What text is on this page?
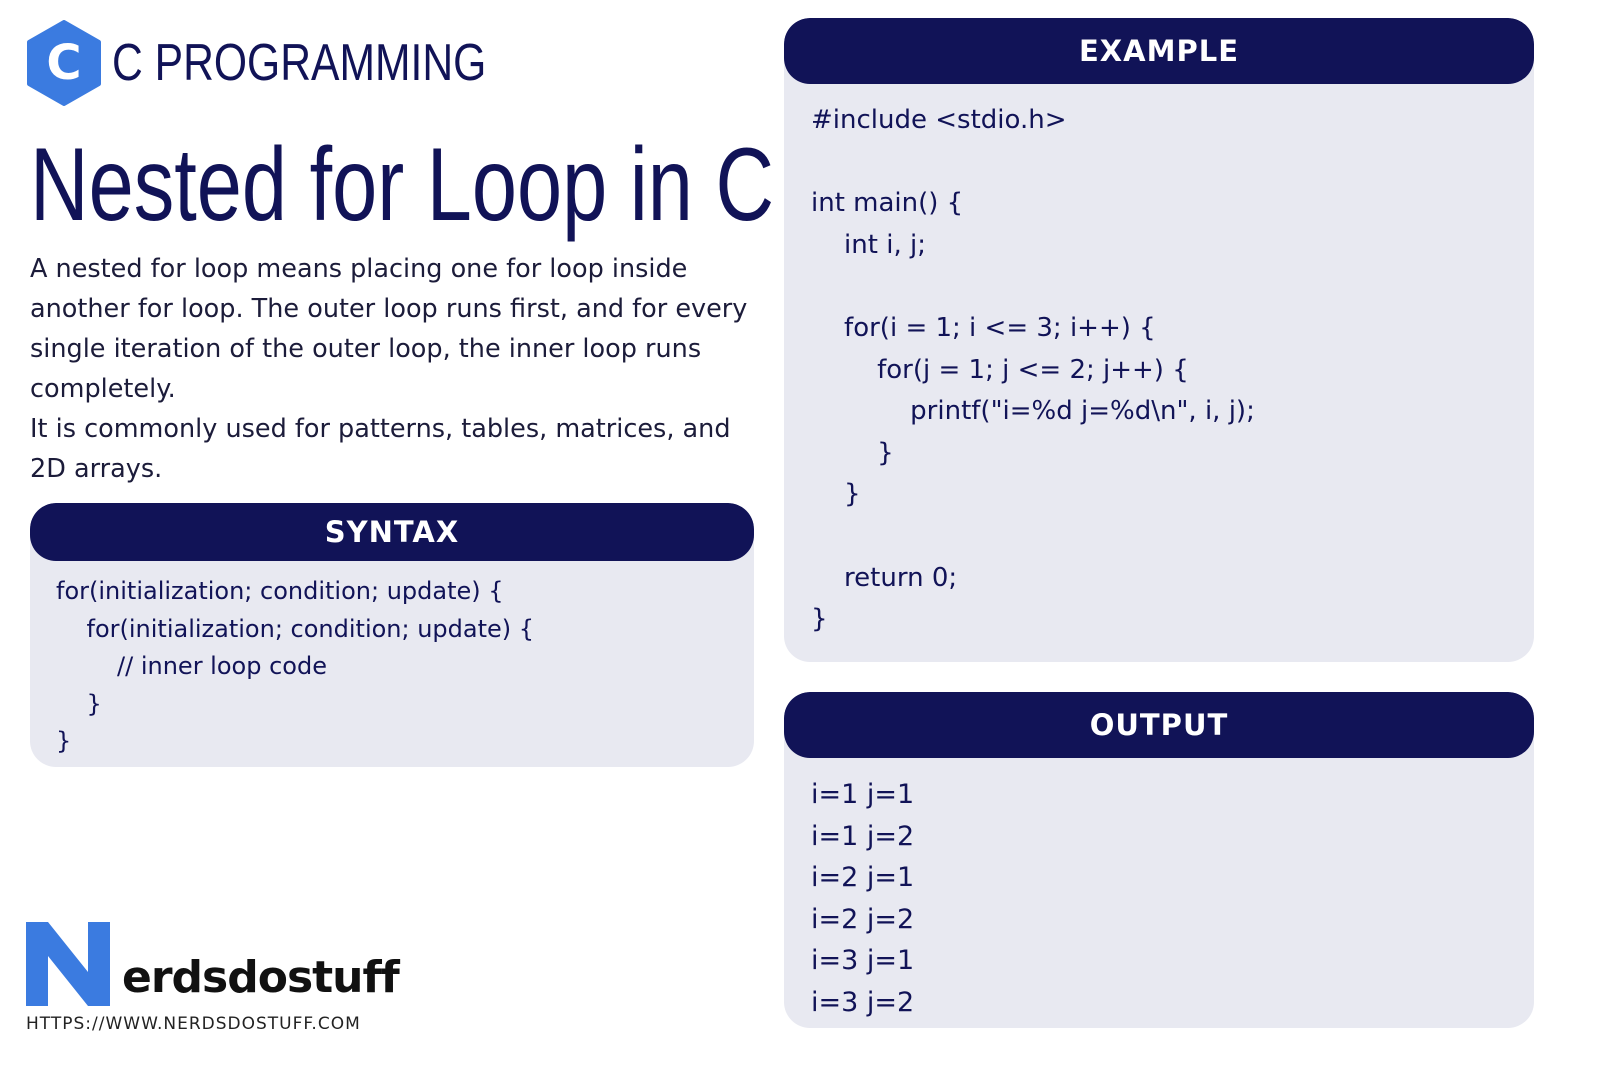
C C PROGRAMMING
Nested for Loop in C

A nested for loop means placing one for loop inside another for loop. The outer loop runs first, and for every single iteration of the outer loop, the inner loop runs completely.

It is commonly used for patterns, tables, matrices, and 2D arrays.

SYNTAX
for(initialization; condition; update) {
for(initialization; condition; update) {
// inner loop code
}
}
EXAMPLE
#include <stdio.h>

int main() {
int i, j;

for(i = 1; i <= 3; i++) {
for(j = 1; j <= 2; j++) {
printf("i=%d j=%d\n", i, j);
}
}

return 0;
}
OUTPUT
i=1 j=1
i=1 j=2
i=2 j=1
i=2 j=2
i=3 j=1
i=3 j=2
erdsdostuff
HTTPS://WWW.NERDSDOSTUFF.COM
